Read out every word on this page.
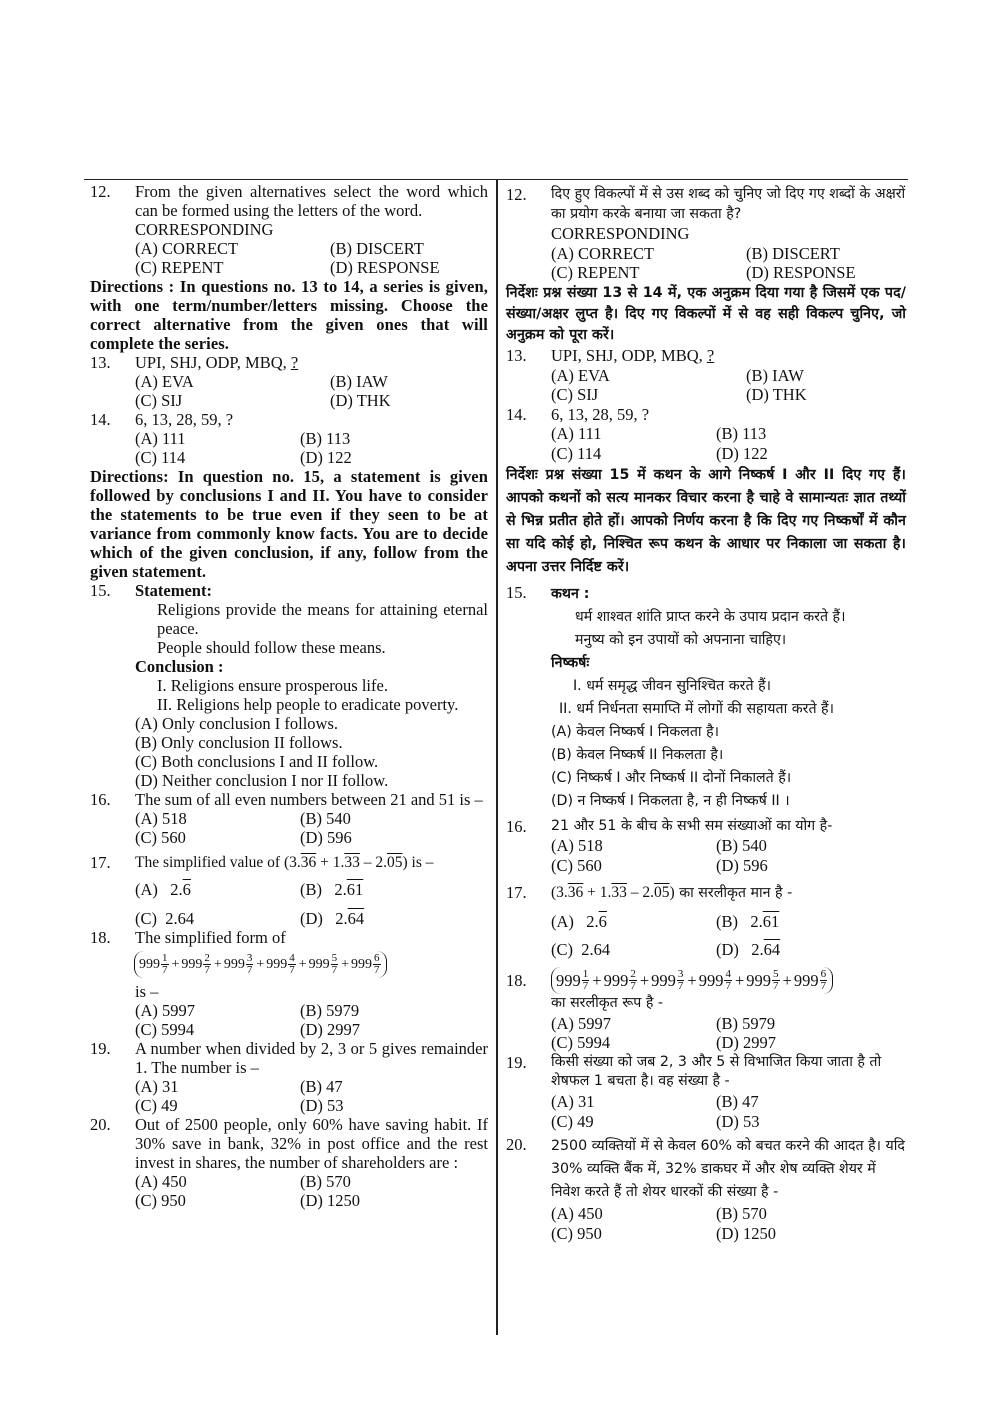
12.	From the given alternatives select the word which can be formed using the letters of the word.
CORRESPONDING
(A) CORRECT	(B) DISCERT
(C) REPENT	(D) RESPONSE
Directions : In questions no. 13 to 14, a series is given, with one term/number/letters missing. Choose the correct alternative from the given ones that will complete the series.
13.	UPI, SHJ, ODP, MBQ, ?
(A) EVA	(B) IAW
(C) SIJ	(D) THK
14.	6, 13, 28, 59, ?
(A) 111	(B) 113
(C) 114	(D) 122
Directions: In question no. 15, a statement is given followed by conclusions I and II. You have to consider the statements to be true even if they seen to be at variance from commonly know facts. You are to decide which of the given conclusion, if any, follow from the given statement.
15.	Statement:
Religions provide the means for attaining eternal peace.
People should follow these means.
Conclusion :
I. Religions ensure prosperous life.
II. Religions help people to eradicate poverty.
(A) Only conclusion I follows.
(B) Only conclusion II follows.
(C) Both conclusions I and II follow.
(D) Neither conclusion I nor II follow.
16.	The sum of all even numbers between 21 and 51 is –
(A) 518	(B) 540
(C) 560	(D) 596
17.	The simplified value of (3.36 + 1.33 – 2.05) is –
(A) 2.6	(B) 2.61
(C) 2.64	(D) 2.64
18.	The simplified form of
$999 \frac{1}{7} + 999 \frac{2}{7} + 999 \frac{3}{7} + 999 \frac{4}{7} + 999 \frac{5}{7} + 999 \frac{6}{7}$
is –
(A) 5997	(B) 5979
(C) 5994	(D) 2997
19.	A number when divided by 2, 3 or 5 gives remainder 1. The number is –
(A) 31	(B) 47
(C) 49	(D) 53
20.	Out of 2500 people, only 60% have saving habit. If 30% save in bank, 32% in post office and the rest invest in shares, the number of shareholders are :
(A) 450	(B) 570
(C) 950	(D) 1250
12.	दिए हुए विकल्पों में से उस शब्द को चुनिए जो दिए गए शब्दों के अक्षरों का प्रयोग करके बनाया जा सकता है?
CORRESPONDING
(A) CORRECT	(B) DISCERT
(C) REPENT	(D) RESPONSE
निर्देशः प्रश्न संख्या 13 से 14 में, एक अनुक्रम दिया गया है जिसमें एक पद/संख्या/अक्षर लुप्त है। दिए गए विकल्पों में से वह सही विकल्प चुनिए, जो अनुक्रम को पूरा करें।
13.	UPI, SHJ, ODP, MBQ, ?
(A) EVA	(B) IAW
(C) SIJ	(D) THK
14.	6, 13, 28, 59, ?
(A) 111	(B) 113
(C) 114	(D) 122
निर्देशः प्रश्न संख्या 15 में कथन के आगे निष्कर्ष I और II दिए गए हैं। आपको कथनों को सत्य मानकर विचार करना है चाहे वे सामान्यतः ज्ञात तथ्यों से भिन्न प्रतीत होते हों। आपको निर्णय करना है कि दिए गए निष्कर्षों में कौन सा यदि कोई हो, निश्चित रूप कथन के आधार पर निकाला जा सकता है। अपना उत्तर निर्दिष्ट करें।
15.	कथन :
धर्म शाश्वत शांति प्राप्त करने के उपाय प्रदान करते हैं।
मनुष्य को इन उपायों को अपनाना चाहिए।
निष्कर्षः
I. धर्म समृद्ध जीवन सुनिश्चित करते हैं।
II. धर्म निर्धनता समाप्ति में लोगों की सहायता करते हैं।
(A) केवल निष्कर्ष I निकलता है।
(B) केवल निष्कर्ष II निकलता है।
(C) निष्कर्ष I और निष्कर्ष II दोनों निकालते हैं।
(D) न निष्कर्ष I निकलता है, न ही निष्कर्ष II ।
16.	21 और 51 के बीच के सभी सम संख्याओं का योग है-
(A) 518	(B) 540
(C) 560	(D) 596
17.	(3.36 + 1.33 – 2.05) का सरलीकृत मान है -
(A) 2.6	(B) 2.61
(C) 2.64	(D) 2.64
18.	$999 \frac{1}{7} + 999 \frac{2}{7} + 999 \frac{3}{7} + 999 \frac{4}{7} + 999 \frac{5}{7} + 999 \frac{6}{7}$
का सरलीकृत रूप है -
(A) 5997	(B) 5979
(C) 5994	(D) 2997
19.	किसी संख्या को जब 2, 3 और 5 से विभाजित किया जाता है तो शेषफल 1 बचता है। वह संख्या है -
(A) 31	(B) 47
(C) 49	(D) 53
20.	2500 व्यक्तियों में से केवल 60% को बचत करने की आदत है। यदि 30% व्यक्ति बैंक में, 32% डाकघर में और शेष व्यक्ति शेयर में निवेश करते हैं तो शेयर धारकों की संख्या है -
(A) 450	(B) 570
(C) 950	(D) 1250
